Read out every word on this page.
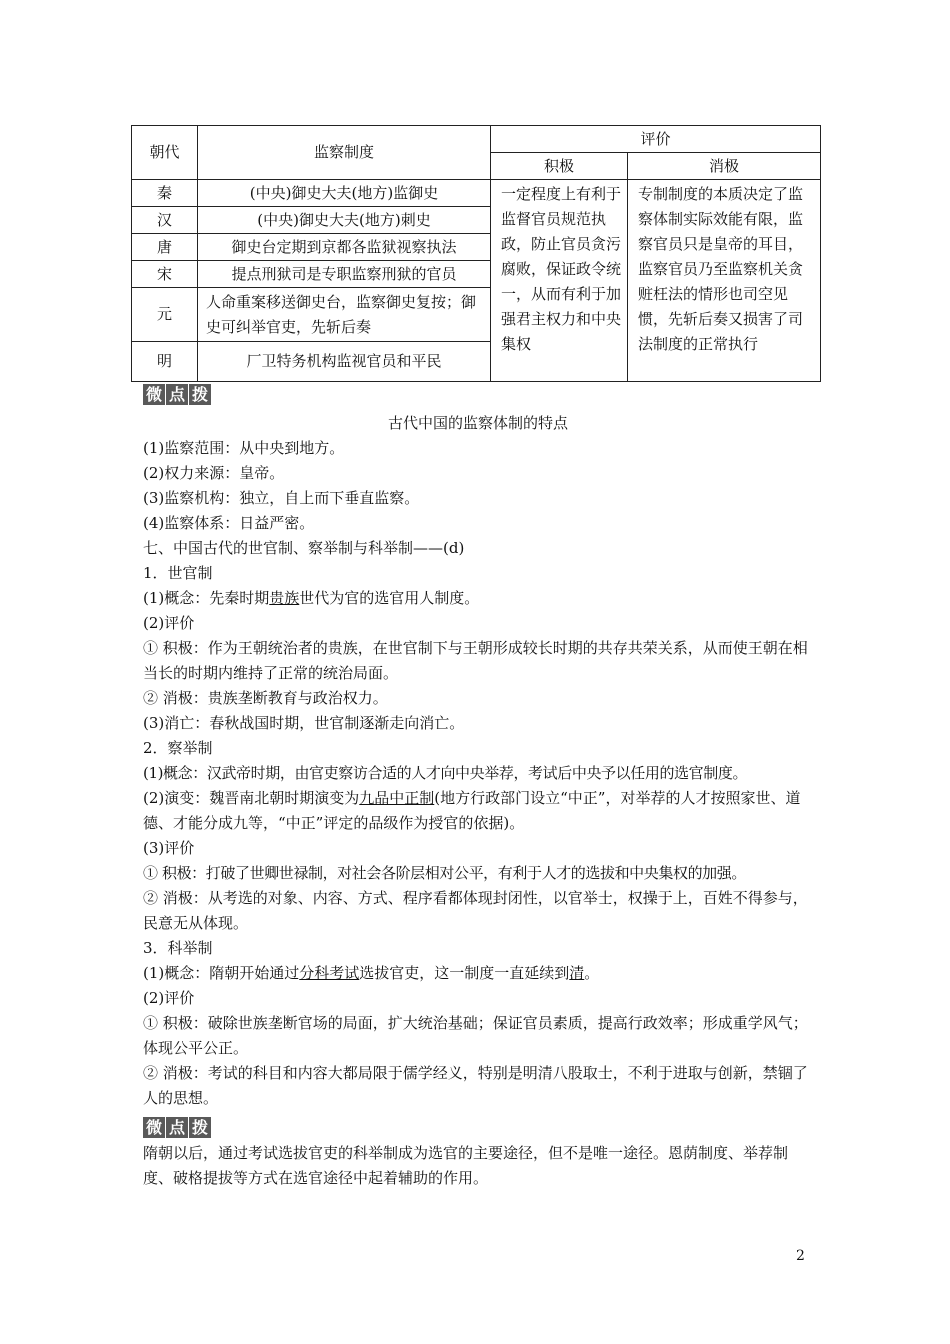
朝代	监察制度	评价	
		积极	消极
秦	(中央)御史大夫(地方)监御史	一定程度上有利于监督官员规范执政，防止官员贪污腐败，保证政令统一，从而有利于加强君主权力和中央集权	专制制度的本质决定了监察体制实际效能有限，监察官员只是皇帝的耳目，监察官员乃至监察机关贪赃枉法的情形也司空见惯，先斩后奏又损害了司法制度的正常执行
汉	(中央)御史大夫(地方)刺史		
唐	御史台定期到京都各监狱视察执法		
宋	提点刑狱司是专职监察刑狱的官员		
元	人命重案移送御史台，监察御史复按；御史可纠举官吏，先斩后奏		
明	厂卫特务机构监视官员和平民		
微 点 拨

古代中国的监察体制的特点

(1)监察范围：从中央到地方。

(2)权力来源：皇帝。

(3)监察机构：独立，自上而下垂直监察。

(4)监察体系：日益严密。

七、中国古代的世官制、察举制与科举制——(d)

1．世官制

(1)概念：先秦时期贵族世代为官的选官用人制度。

(2)评价

① 积极：作为王朝统治者的贵族，在世官制下与王朝形成较长时期的共存共荣关系，从而使王朝在相当长的时期内维持了正常的统治局面。

② 消极：贵族垄断教育与政治权力。

(3)消亡：春秋战国时期，世官制逐渐走向消亡。

2．察举制

(1)概念：汉武帝时期，由官吏察访合适的人才向中央举荐，考试后中央予以任用的选官制度。

(2)演变：魏晋南北朝时期演变为九品中正制(地方行政部门设立“中正”，对举荐的人才按照家世、道德、才能分成九等，“中正”评定的品级作为授官的依据)。

(3)评价

① 积极：打破了世卿世禄制，对社会各阶层相对公平，有利于人才的选拔和中央集权的加强。

② 消极：从考选的对象、内容、方式、程序看都体现封闭性，以官举士，权操于上，百姓不得参与，民意无从体现。

3．科举制

(1)概念：隋朝开始通过分科考试选拔官吏，这一制度一直延续到清。

(2)评价

① 积极：破除世族垄断官场的局面，扩大统治基础；保证官员素质，提高行政效率；形成重学风气；体现公平公正。

② 消极：考试的科目和内容大都局限于儒学经义，特别是明清八股取士，不利于进取与创新，禁锢了人的思想。

微 点 拨

隋朝以后，通过考试选拔官吏的科举制成为选官的主要途径，但不是唯一途径。恩荫制度、举荐制度、破格提拔等方式在选官途径中起着辅助的作用。

2
